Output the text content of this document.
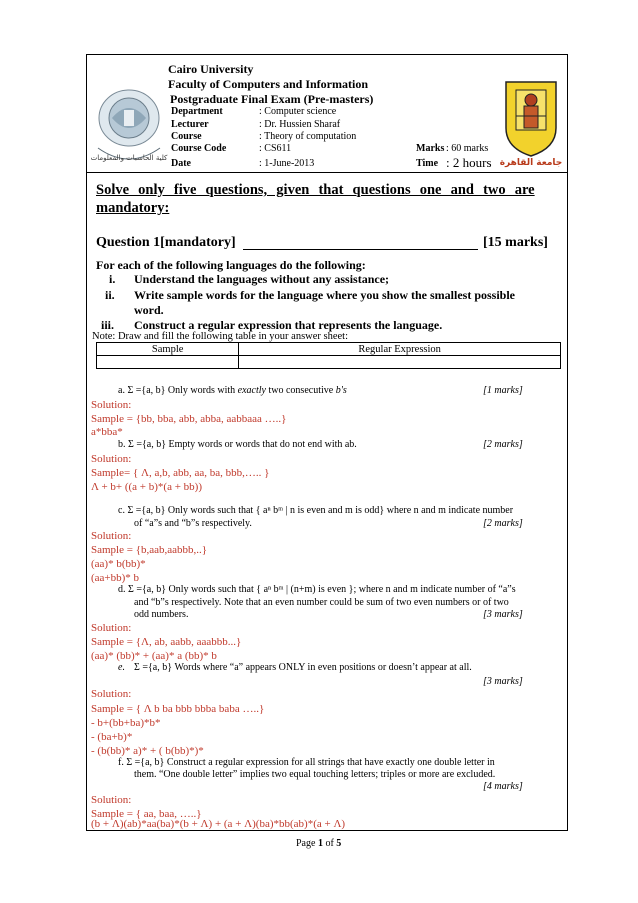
كلية الحاسبات والمعلومات	جامعة القاهرة
Cairo University
Faculty of Computers and Information
Postgraduate Final Exam (Pre-masters)
Department	: Computer science
Lecturer	: Dr. Hussien Sharaf
Course	: Theory of computation
Course Code	: CS611
Date	: 1-June-2013
Marks : 60 marks
Time : 2 hours
Solve only five questions, given that questions one and two are
mandatory:
Question 1[mandatory]	[15 marks]
For each of the following languages do the following:
i. Understand the languages without any assistance;
ii. Write sample words for the language where you show the smallest possible
word.
iii. Construct a regular expression that represents the language.
Note: Draw and fill the following table in your answer sheet:
Sample	Regular Expression

a. Σ ={a, b} Only words with exactly two consecutive b's	[1 marks]
Solution:
Sample = {bb, bba, abb, abba, aabbaaa …..}
a*bba*
b. Σ ={a, b} Empty words or words that do not end with ab.	[2 marks]
Solution:
Sample= { Λ, a,b, abb, aa, ba, bbb,….. }
Λ + b+ ((a + b)*(a + bb))
c. Σ ={a, b} Only words such that { aⁿ bᵐ | n is even and m is odd} where n and m indicate number
of “a”s and “b”s respectively.	[2 marks]
Solution:
Sample = {b,aab,aabbb,..}
(aa)* b(bb)*
(aa+bb)* b
d. Σ ={a, b} Only words such that { aⁿ bᵐ | (n+m) is even }; where n and m indicate number of “a”s
and “b”s respectively. Note that an even number could be sum of two even numbers or of two
odd numbers.	[3 marks]
Solution:
Sample = {Λ, ab, aabb, aaabbb...}
(aa)* (bb)* + (aa)* a (bb)* b
e. Σ ={a, b} Words where “a” appears ONLY in even positions or doesn’t appear at all.
[3 marks]
Solution:
Sample = { Λ b ba bbb bbba baba …..}
- b+(bb+ba)*b*
- (ba+b)*
- (b(bb)* a)* + ( b(bb)*)*
f. Σ ={a, b} Construct a regular expression for all strings that have exactly one double letter in
them. “One double letter” implies two equal touching letters; triples or more are excluded.
[4 marks]
Solution:
Sample = { aa, baa, …..}
(b + Λ)(ab)*aa(ba)*(b + Λ) + (a + Λ)(ba)*bb(ab)*(a + Λ)
Page 1 of 5
